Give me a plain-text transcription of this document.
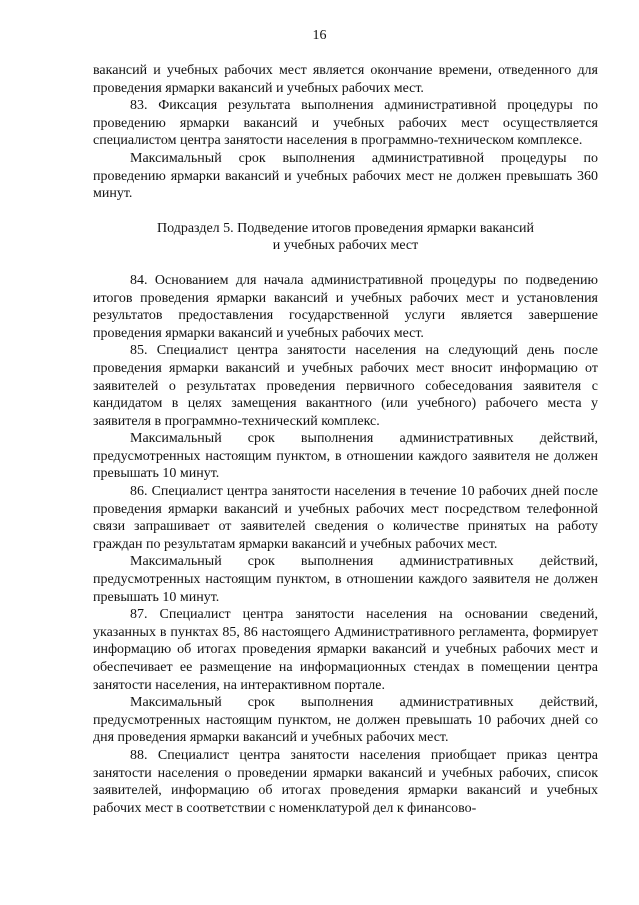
16

вакансий и учебных рабочих мест является окончание времени, отведенного для проведения ярмарки вакансий и учебных рабочих мест.

83. Фиксация результата выполнения административной процедуры по проведению ярмарки вакансий и учебных рабочих мест осуществляется специалистом центра занятости населения в программно-техническом комплексе.

Максимальный срок выполнения административной процедуры по проведению ярмарки вакансий и учебных рабочих мест не должен превышать 360 минут.

Подраздел 5. Подведение итогов проведения ярмарки вакансий
и учебных рабочих мест

84. Основанием для начала административной процедуры по подведению итогов проведения ярмарки вакансий и учебных рабочих мест и установления результатов предоставления государственной услуги является завершение проведения ярмарки вакансий и учебных рабочих мест.

85. Специалист центра занятости населения на следующий день после проведения ярмарки вакансий и учебных рабочих мест вносит информацию от заявителей о результатах проведения первичного собеседования заявителя с кандидатом в целях замещения вакантного (или учебного) рабочего места у заявителя в программно-технический комплекс.

Максимальный срок выполнения административных действий, предусмотренных настоящим пунктом, в отношении каждого заявителя не должен превышать 10 минут.

86. Специалист центра занятости населения в течение 10 рабочих дней после проведения ярмарки вакансий и учебных рабочих мест посредством телефонной связи запрашивает от заявителей сведения о количестве принятых на работу граждан по результатам ярмарки вакансий и учебных рабочих мест.

Максимальный срок выполнения административных действий, предусмотренных настоящим пунктом, в отношении каждого заявителя не должен превышать 10 минут.

87. Специалист центра занятости населения на основании сведений, указанных в пунктах 85, 86 настоящего Административного регламента, формирует информацию об итогах проведения ярмарки вакансий и учебных рабочих мест и обеспечивает ее размещение на информационных стендах в помещении центра занятости населения, на интерактивном портале.

Максимальный срок выполнения административных действий, предусмотренных настоящим пунктом, не должен превышать 10 рабочих дней со дня проведения ярмарки вакансий и учебных рабочих мест.

88. Специалист центра занятости населения приобщает приказ центра занятости населения о проведении ярмарки вакансий и учебных рабочих, список заявителей, информацию об итогах проведения ярмарки вакансий и учебных рабочих мест в соответствии с номенклатурой дел к финансово-
